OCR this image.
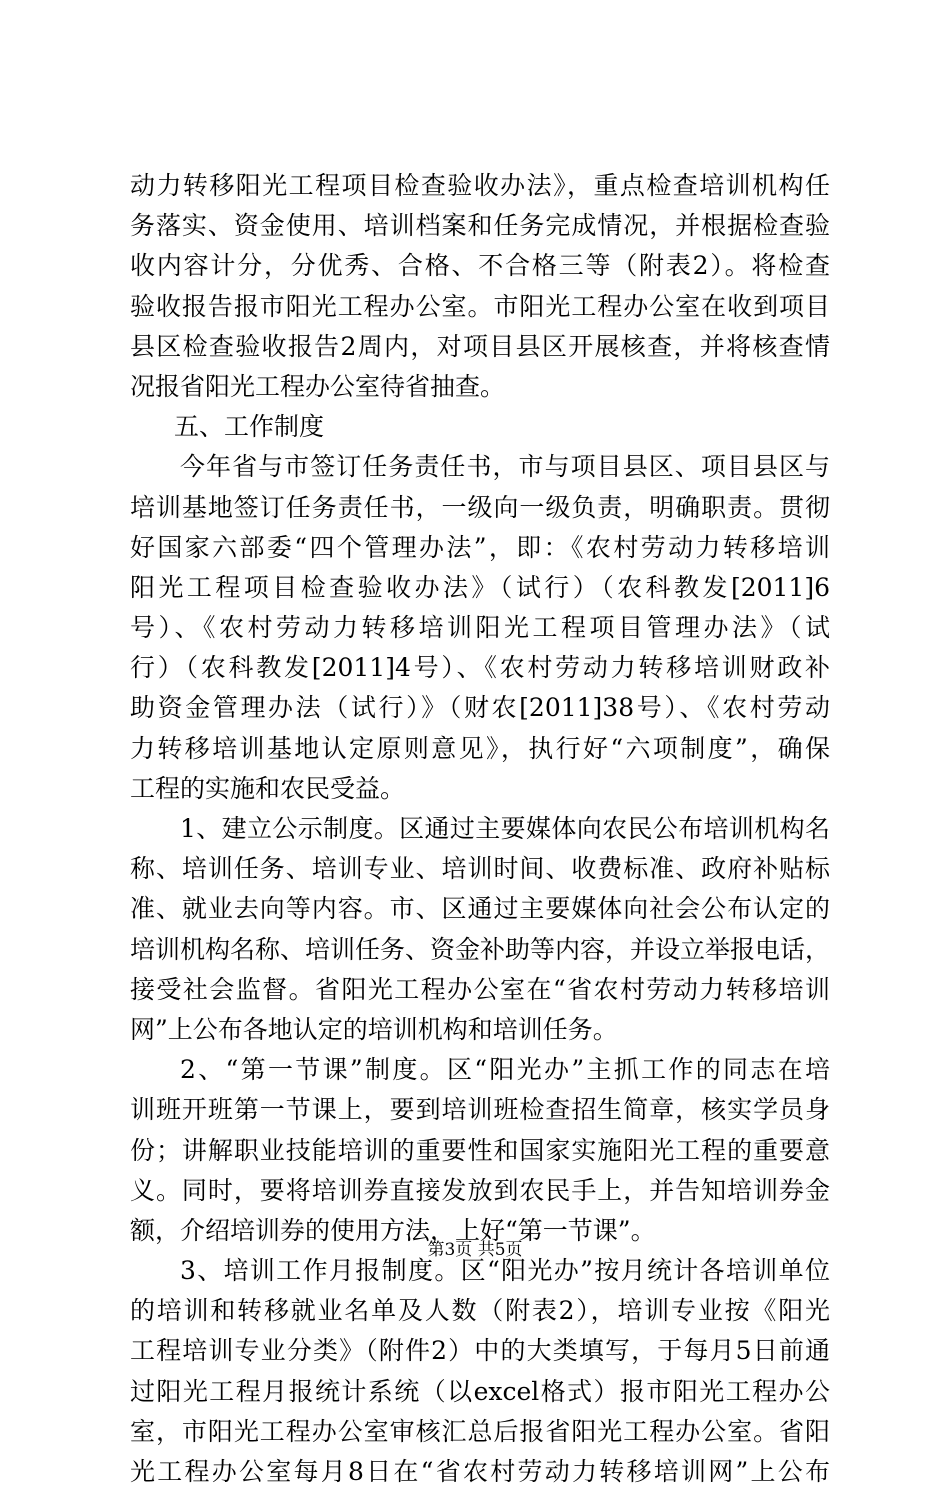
动力转移阳光工程项目检查验收办法》，重点检查培训机构任
务落实、资金使用、培训档案和任务完成情况，并根据检查验
收内容计分，分优秀、合格、不合格三等（附表2）。将检查
验收报告报市阳光工程办公室。市阳光工程办公室在收到项目
县区检查验收报告2周内，对项目县区开展核查，并将核查情
况报省阳光工程办公室待省抽查。
五、工作制度
今年省与市签订任务责任书，市与项目县区、项目县区与
培训基地签订任务责任书，一级向一级负责，明确职责。贯彻
好国家六部委“四个管理办法”，即：《农村劳动力转移培训
阳光工程项目检查验收办法》（试行）（农科教发[2011]6
号）、《农村劳动力转移培训阳光工程项目管理办法》（试
行）（农科教发[2011]4号）、《农村劳动力转移培训财政补
助资金管理办法（试行）》（财农[2011]38号）、《农村劳动
力转移培训基地认定原则意见》，执行好“六项制度”，确保
工程的实施和农民受益。
1、建立公示制度。区通过主要媒体向农民公布培训机构名
称、培训任务、培训专业、培训时间、收费标准、政府补贴标
准、就业去向等内容。市、区通过主要媒体向社会公布认定的
培训机构名称、培训任务、资金补助等内容，并设立举报电话，
接受社会监督。省阳光工程办公室在“省农村劳动力转移培训
网”上公布各地认定的培训机构和培训任务。
2、“第一节课”制度。区“阳光办”主抓工作的同志在培
训班开班第一节课上，要到培训班检查招生简章，核实学员身
份；讲解职业技能培训的重要性和国家实施阳光工程的重要意
义。同时，要将培训券直接发放到农民手上，并告知培训券金
额，介绍培训券的使用方法，上好“第一节课”。
3、培训工作月报制度。区“阳光办”按月统计各培训单位
的培训和转移就业名单及人数（附表2），培训专业按《阳光
工程培训专业分类》（附件2）中的大类填写，于每月5日前通
过阳光工程月报统计系统（以excel格式）报市阳光工程办公
室，市阳光工程办公室审核汇总后报省阳光工程办公室。省阳
光工程办公室每月8日在“省农村劳动力转移培训网”上公布
第3页 共5页
